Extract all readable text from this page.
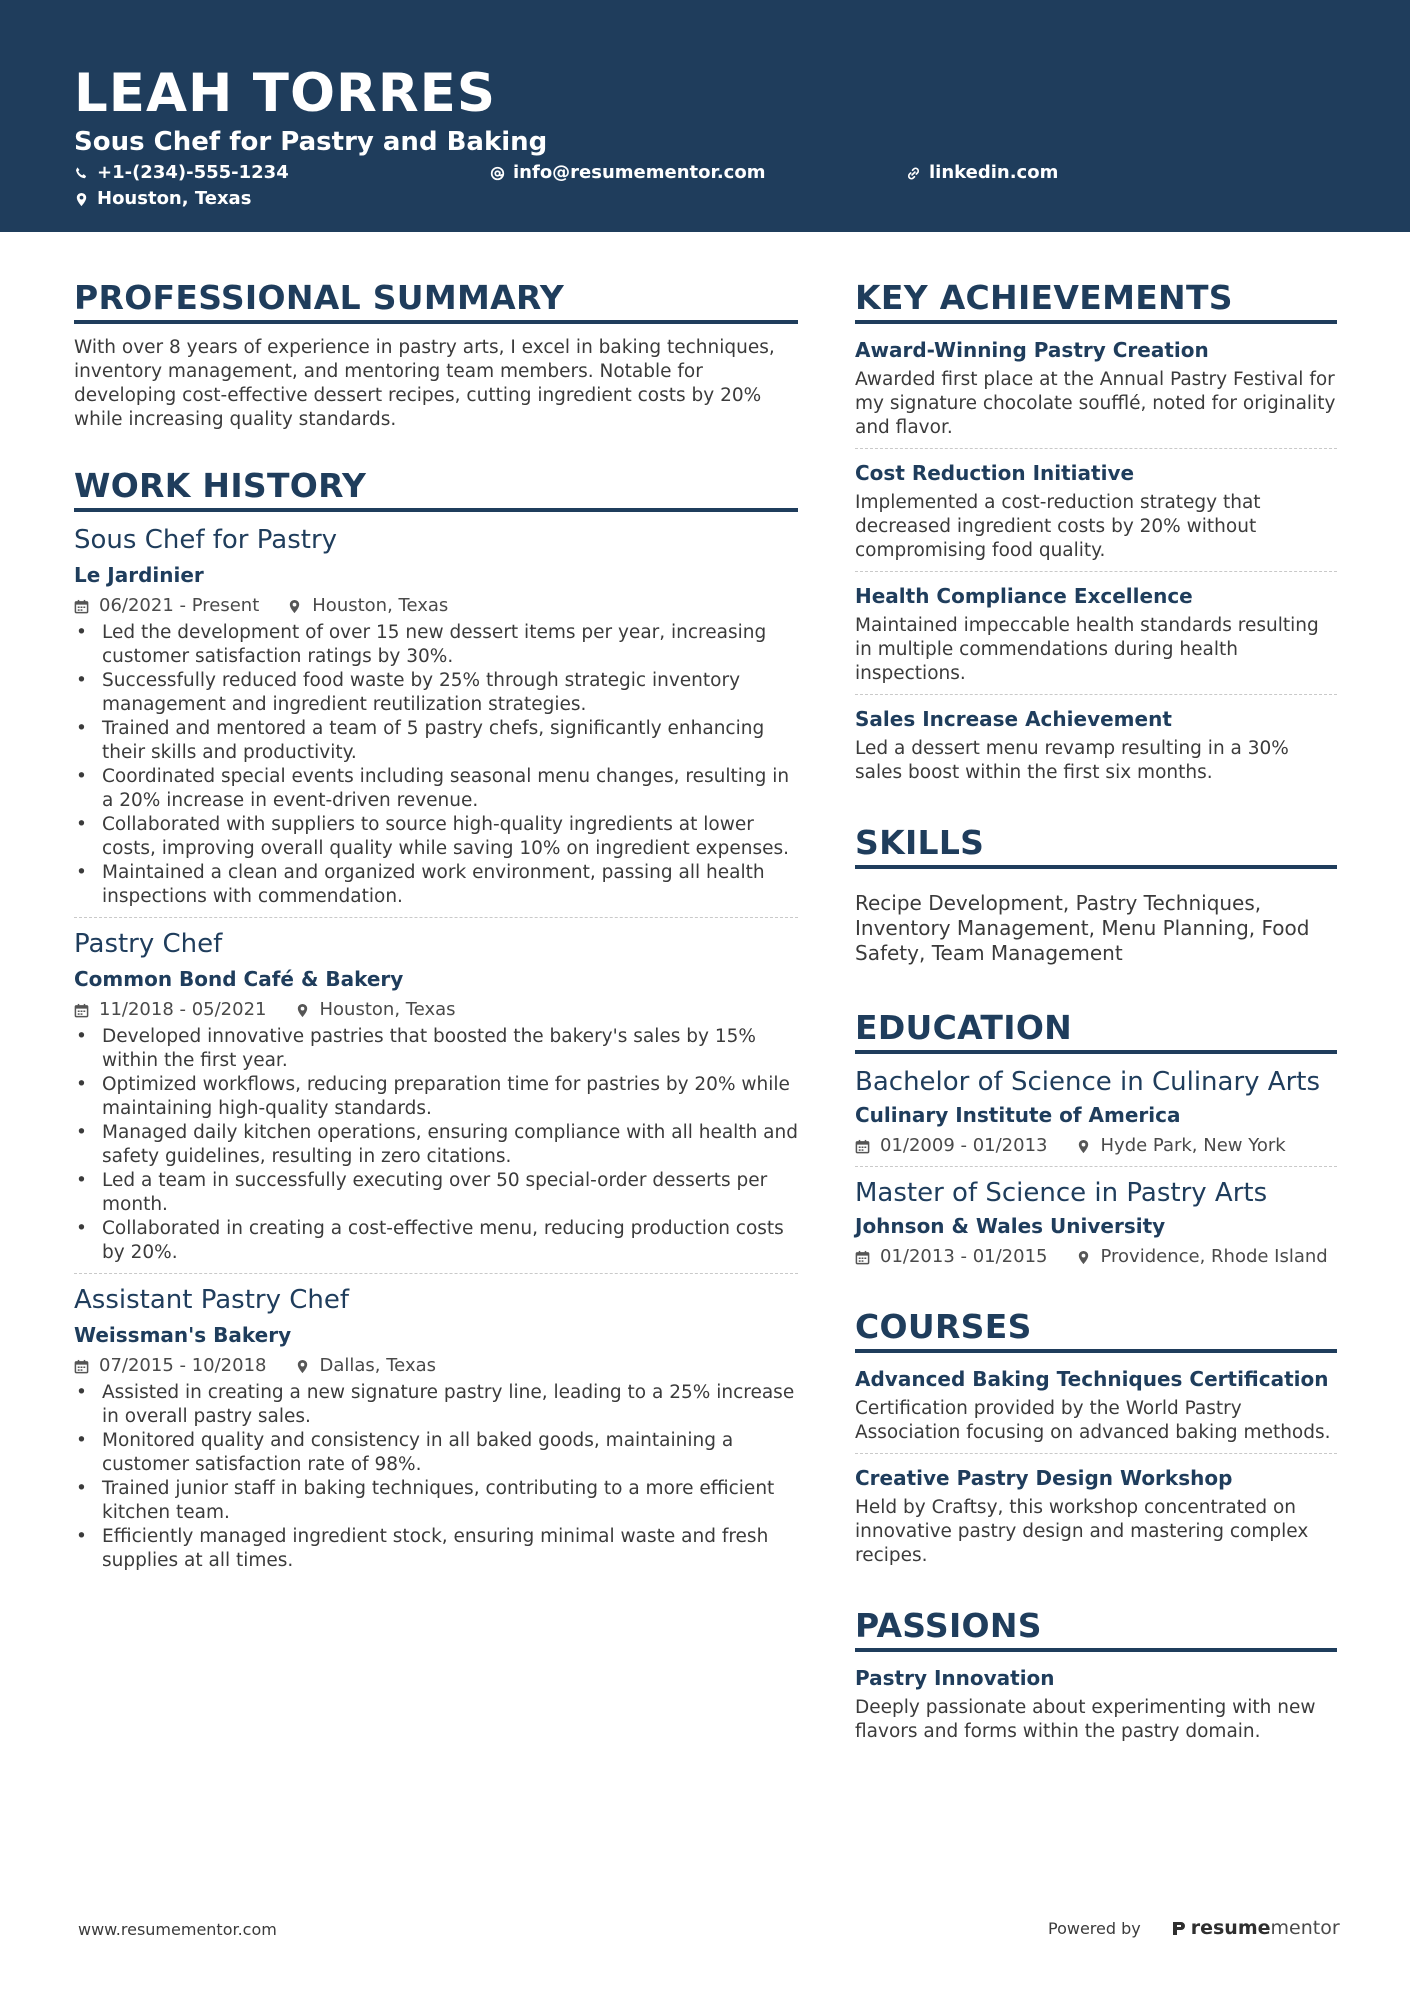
LEAH TORRES
Sous Chef for Pastry and Baking
+1-(234)-555-1234	info@resumementor.com	linkedin.com
Houston, Texas
PROFESSIONAL SUMMARY
With over 8 years of experience in pastry arts, I excel in baking techniques, inventory management, and mentoring team members. Notable for developing cost-effective dessert recipes, cutting ingredient costs by 20% while increasing quality standards.
WORK HISTORY
Sous Chef for Pastry
Le Jardinier
06/2021 - Present	Houston, Texas
• Led the development of over 15 new dessert items per year, increasing customer satisfaction ratings by 30%.
• Successfully reduced food waste by 25% through strategic inventory management and ingredient reutilization strategies.
• Trained and mentored a team of 5 pastry chefs, significantly enhancing their skills and productivity.
• Coordinated special events including seasonal menu changes, resulting in a 20% increase in event-driven revenue.
• Collaborated with suppliers to source high-quality ingredients at lower costs, improving overall quality while saving 10% on ingredient expenses.
• Maintained a clean and organized work environment, passing all health inspections with commendation.
Pastry Chef
Common Bond Café & Bakery
11/2018 - 05/2021	Houston, Texas
• Developed innovative pastries that boosted the bakery's sales by 15% within the first year.
• Optimized workflows, reducing preparation time for pastries by 20% while maintaining high-quality standards.
• Managed daily kitchen operations, ensuring compliance with all health and safety guidelines, resulting in zero citations.
• Led a team in successfully executing over 50 special-order desserts per month.
• Collaborated in creating a cost-effective menu, reducing production costs by 20%.
Assistant Pastry Chef
Weissman's Bakery
07/2015 - 10/2018	Dallas, Texas
• Assisted in creating a new signature pastry line, leading to a 25% increase in overall pastry sales.
• Monitored quality and consistency in all baked goods, maintaining a customer satisfaction rate of 98%.
• Trained junior staff in baking techniques, contributing to a more efficient kitchen team.
• Efficiently managed ingredient stock, ensuring minimal waste and fresh supplies at all times.
KEY ACHIEVEMENTS
Award-Winning Pastry Creation
Awarded first place at the Annual Pastry Festival for my signature chocolate soufflé, noted for originality and flavor.
Cost Reduction Initiative
Implemented a cost-reduction strategy that decreased ingredient costs by 20% without compromising food quality.
Health Compliance Excellence
Maintained impeccable health standards resulting in multiple commendations during health inspections.
Sales Increase Achievement
Led a dessert menu revamp resulting in a 30% sales boost within the first six months.
SKILLS
Recipe Development, Pastry Techniques, Inventory Management, Menu Planning, Food Safety, Team Management
EDUCATION
Bachelor of Science in Culinary Arts
Culinary Institute of America
01/2009 - 01/2013	Hyde Park, New York
Master of Science in Pastry Arts
Johnson & Wales University
01/2013 - 01/2015	Providence, Rhode Island
COURSES
Advanced Baking Techniques Certification
Certification provided by the World Pastry Association focusing on advanced baking methods.
Creative Pastry Design Workshop
Held by Craftsy, this workshop concentrated on innovative pastry design and mastering complex recipes.
PASSIONS
Pastry Innovation
Deeply passionate about experimenting with new flavors and forms within the pastry domain.
www.resumementor.com	Powered by	resume mentor
